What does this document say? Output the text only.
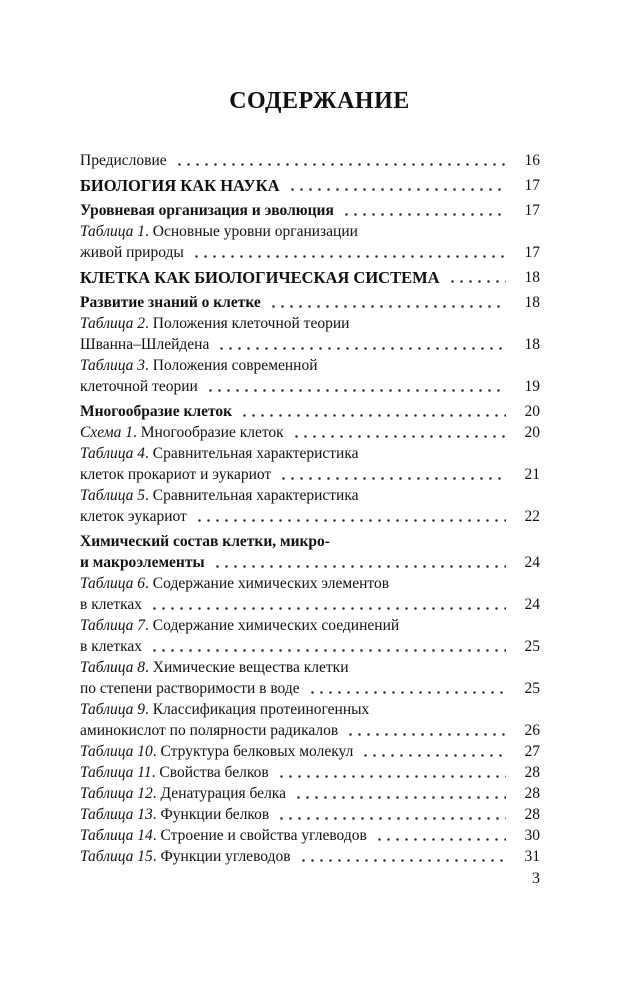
СОДЕРЖАНИЕ
Предисловие	16
БИОЛОГИЯ КАК НАУКА	17
Уровневая организация и эволюция	17
Таблица 1. Основные уровни организации
живой природы	17
КЛЕТКА КАК БИОЛОГИЧЕСКАЯ СИСТЕМА	18
Развитие знаний о клетке	18
Таблица 2. Положения клеточной теории
Шванна–Шлейдена	18
Таблица 3. Положения современной
клеточной теории	19
Многообразие клеток	20
Схема 1. Многообразие клеток	20
Таблица 4. Сравнительная характеристика
клеток прокариот и эукариот	21
Таблица 5. Сравнительная характеристика
клеток эукариот	22
Химический состав клетки, микро-
и макроэлементы	24
Таблица 6. Содержание химических элементов
в клетках	24
Таблица 7. Содержание химических соединений
в клетках	25
Таблица 8. Химические вещества клетки
по степени растворимости в воде	25
Таблица 9. Классификация протеиногенных
аминокислот по полярности радикалов	26
Таблица 10. Структура белковых молекул	27
Таблица 11. Свойства белков	28
Таблица 12. Денатурация белка	28
Таблица 13. Функции белков	28
Таблица 14. Строение и свойства углеводов	30
Таблица 15. Функции углеводов	31
3
